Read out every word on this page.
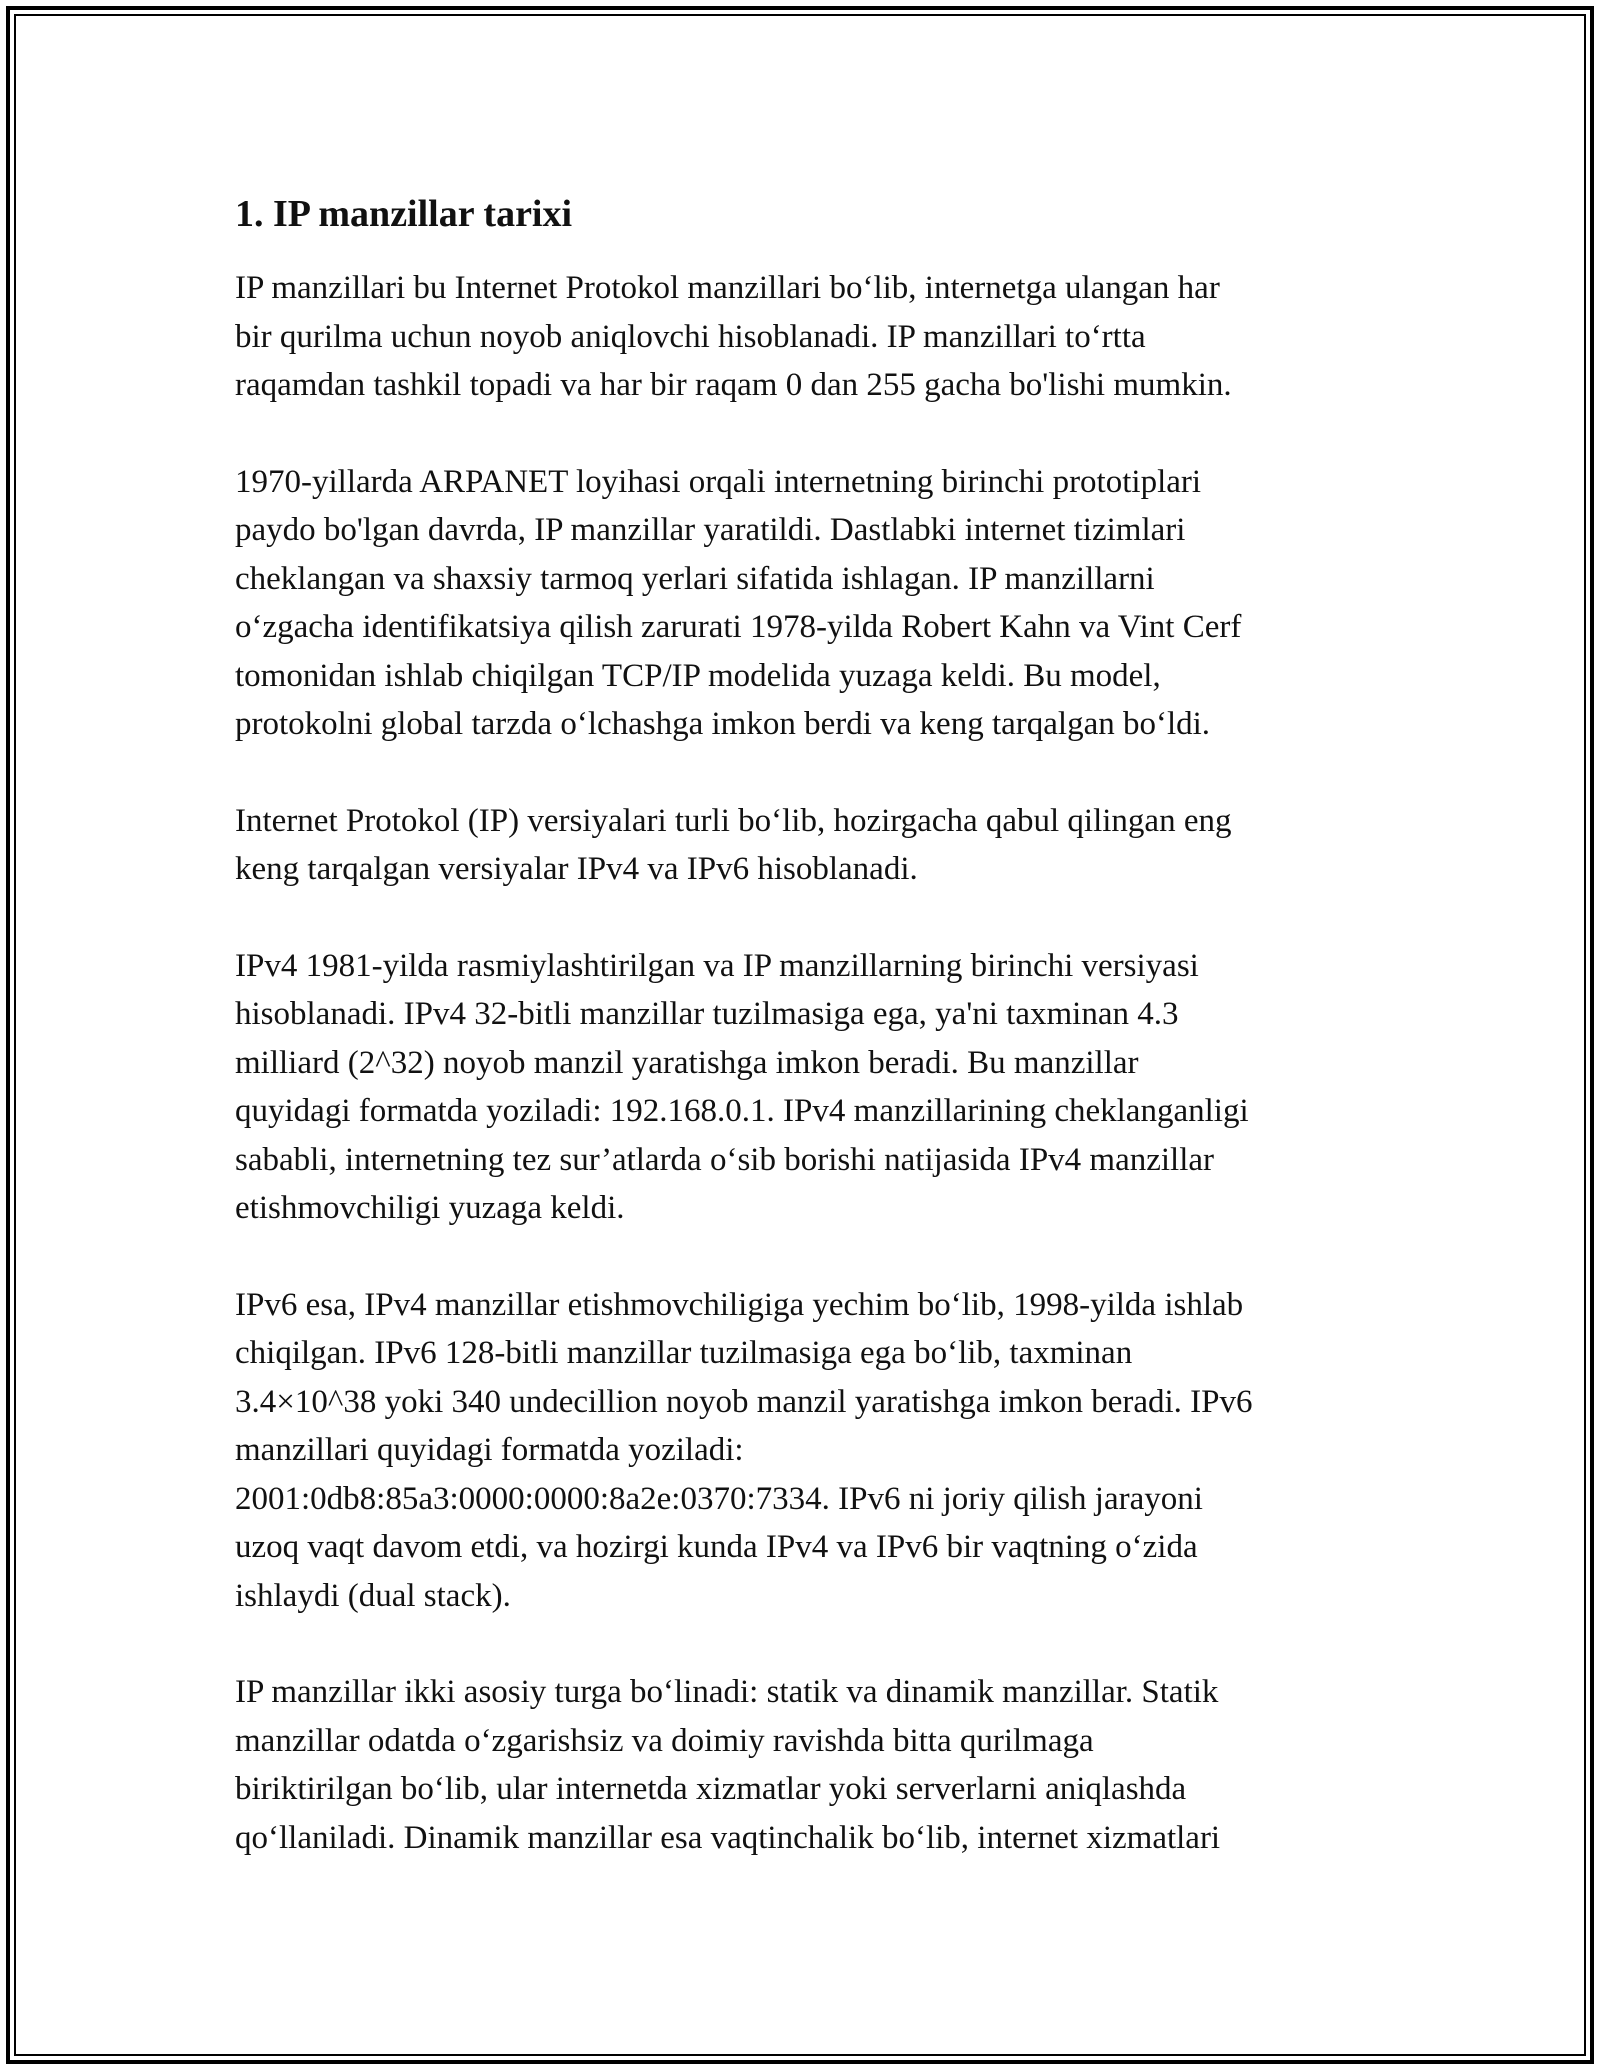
1. IP manzillar tarixi

IP manzillari bu Internet Protokol manzillari bo‘lib, internetga ulangan har
bir qurilma uchun noyob aniqlovchi hisoblanadi. IP manzillari to‘rtta
raqamdan tashkil topadi va har bir raqam 0 dan 255 gacha bo'lishi mumkin.

1970-yillarda ARPANET loyihasi orqali internetning birinchi prototiplari
paydo bo'lgan davrda, IP manzillar yaratildi. Dastlabki internet tizimlari
cheklangan va shaxsiy tarmoq yerlari sifatida ishlagan. IP manzillarni
o‘zgacha identifikatsiya qilish zarurati 1978-yilda Robert Kahn va Vint Cerf
tomonidan ishlab chiqilgan TCP/IP modelida yuzaga keldi. Bu model,
protokolni global tarzda o‘lchashga imkon berdi va keng tarqalgan bo‘ldi.

Internet Protokol (IP) versiyalari turli bo‘lib, hozirgacha qabul qilingan eng
keng tarqalgan versiyalar IPv4 va IPv6 hisoblanadi.

IPv4 1981-yilda rasmiylashtirilgan va IP manzillarning birinchi versiyasi
hisoblanadi. IPv4 32-bitli manzillar tuzilmasiga ega, ya'ni taxminan 4.3
milliard (2^32) noyob manzil yaratishga imkon beradi. Bu manzillar
quyidagi formatda yoziladi: 192.168.0.1. IPv4 manzillarining cheklanganligi
sababli, internetning tez sur’atlarda o‘sib borishi natijasida IPv4 manzillar
etishmovchiligi yuzaga keldi.

IPv6 esa, IPv4 manzillar etishmovchiligiga yechim bo‘lib, 1998-yilda ishlab
chiqilgan. IPv6 128-bitli manzillar tuzilmasiga ega bo‘lib, taxminan
3.4×10^38 yoki 340 undecillion noyob manzil yaratishga imkon beradi. IPv6
manzillari quyidagi formatda yoziladi:
2001:0db8:85a3:0000:0000:8a2e:0370:7334. IPv6 ni joriy qilish jarayoni
uzoq vaqt davom etdi, va hozirgi kunda IPv4 va IPv6 bir vaqtning o‘zida
ishlaydi (dual stack).

IP manzillar ikki asosiy turga bo‘linadi: statik va dinamik manzillar. Statik
manzillar odatda o‘zgarishsiz va doimiy ravishda bitta qurilmaga
biriktirilgan bo‘lib, ular internetda xizmatlar yoki serverlarni aniqlashda
qo‘llaniladi. Dinamik manzillar esa vaqtinchalik bo‘lib, internet xizmatlari
